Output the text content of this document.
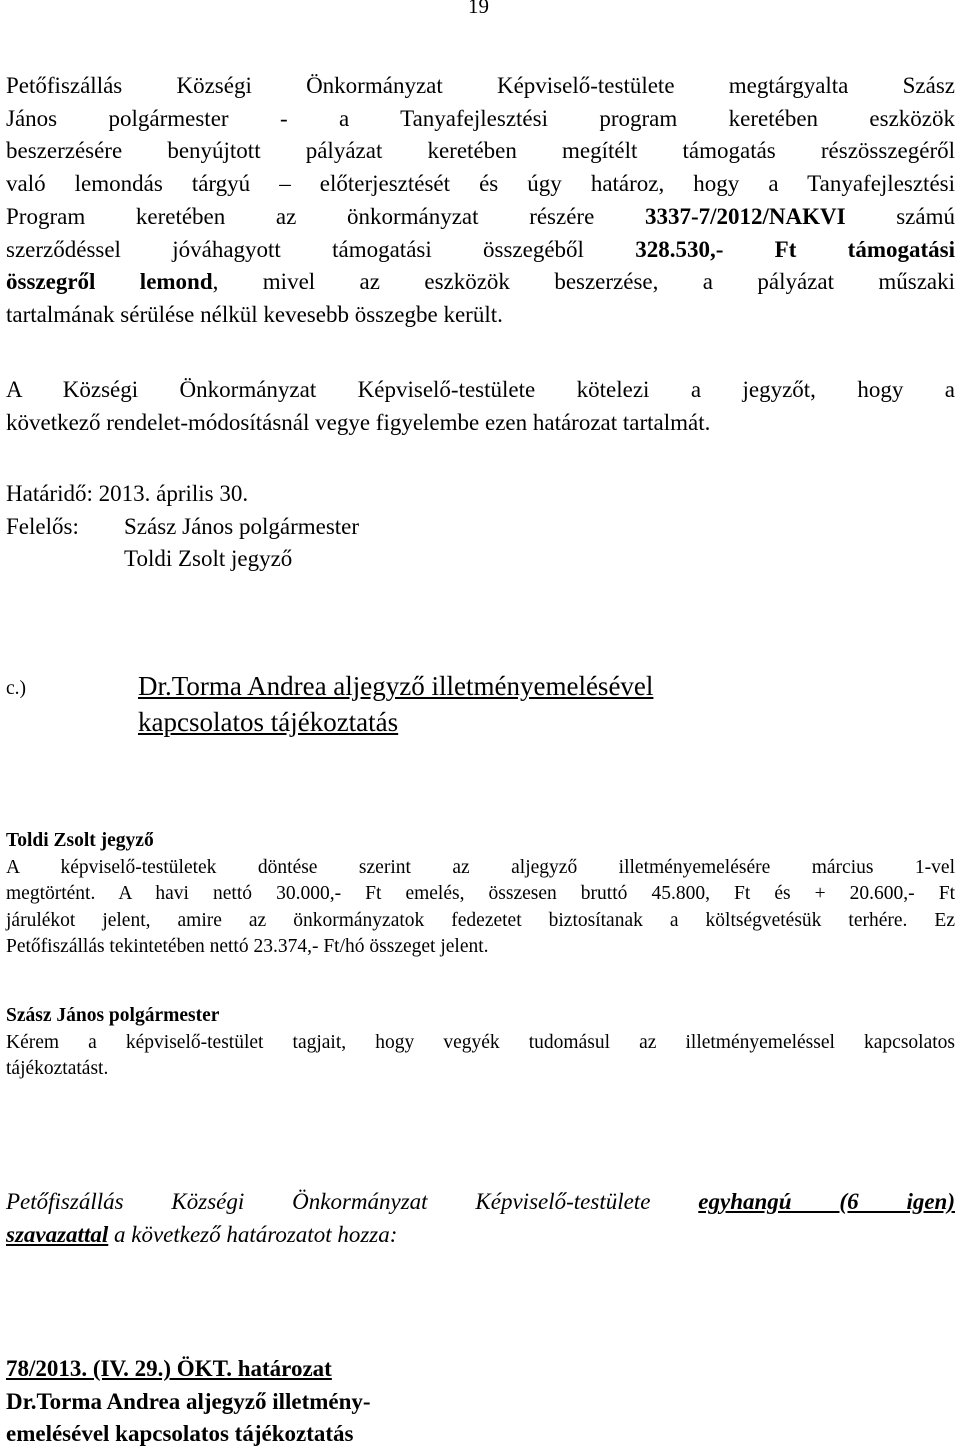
19
Petőfiszállás Községi Önkormányzat Képviselő-testülete megtárgyalta Szász
János polgármester - a Tanyafejlesztési program keretében eszközök
beszerzésére benyújtott pályázat keretében megítélt támogatás részösszegéről
való lemondás tárgyú – előterjesztését és úgy határoz, hogy a Tanyafejlesztési
Program keretében az önkormányzat részére 3337-7/2012/NAKVI számú
szerződéssel jóváhagyott támogatási összegéből 328.530,- Ft támogatási
összegről lemond, mivel az eszközök beszerzése, a pályázat műszaki
tartalmának sérülése nélkül kevesebb összegbe került.
A Községi Önkormányzat Képviselő-testülete kötelezi a jegyzőt, hogy a
következő rendelet-módosításnál vegye figyelembe ezen határozat tartalmát.
Határidő: 2013. április 30.
Felelős: Szász János polgármester
Toldi Zsolt jegyző
c.)	Dr.Torma Andrea aljegyző illetményemelésével
kapcsolatos tájékoztatás
Toldi Zsolt jegyző
A képviselő-testületek döntése szerint az aljegyző illetményemelésére március 1-vel
megtörtént. A havi nettó 30.000,- Ft emelés, összesen bruttó 45.800, Ft és + 20.600,- Ft
járulékot jelent, amire az önkormányzatok fedezetet biztosítanak a költségvetésük terhére. Ez
Petőfiszállás tekintetében nettó 23.374,- Ft/hó összeget jelent.
Szász János polgármester
Kérem a képviselő-testület tagjait, hogy vegyék tudomásul az illetményemeléssel kapcsolatos
tájékoztatást.
Petőfiszállás Községi Önkormányzat Képviselő-testülete egyhangú (6 igen)
szavazattal a következő határozatot hozza:
78/2013. (IV. 29.) ÖKT. határozat
Dr.Torma Andrea aljegyző illetmény-
emelésével kapcsolatos tájékoztatás
